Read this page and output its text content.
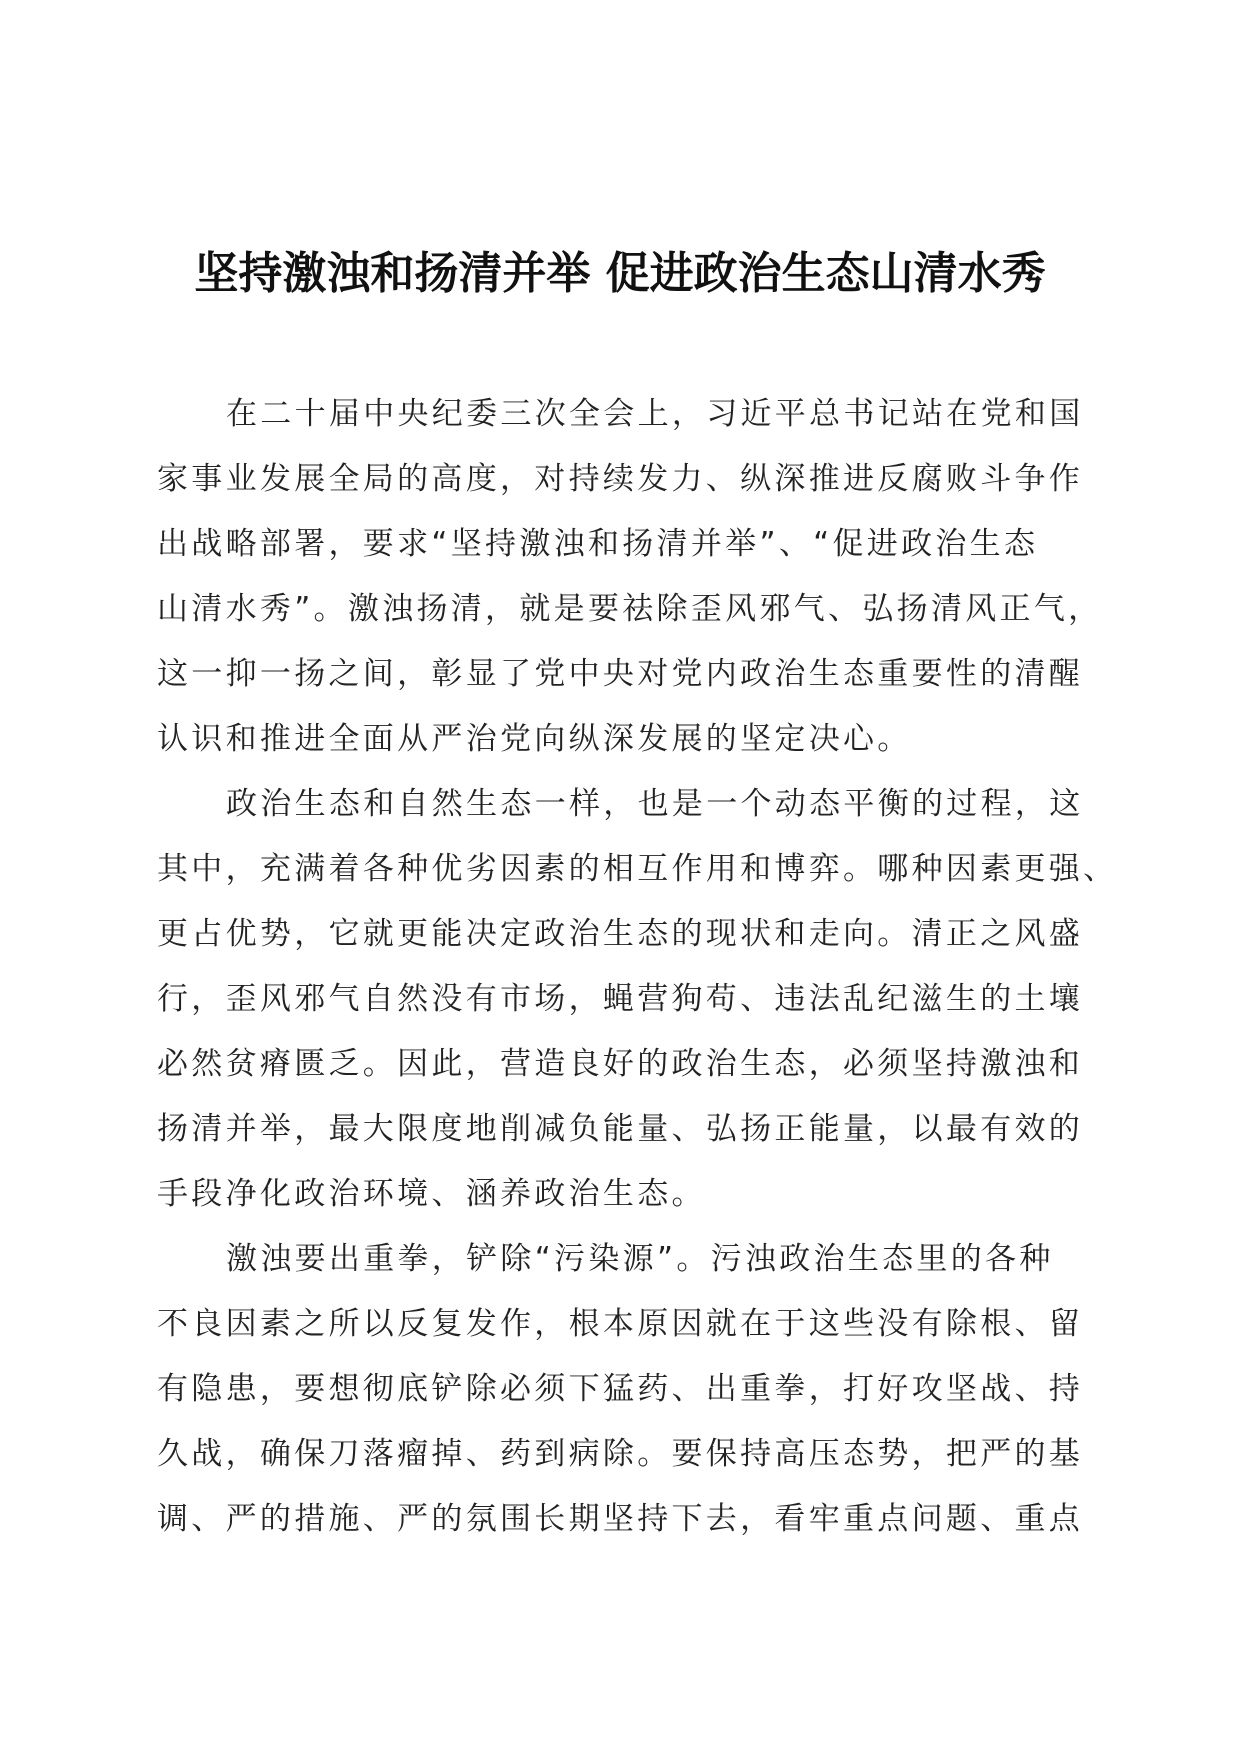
坚持激浊和扬清并举 促进政治生态山清水秀

在二十届中央纪委三次全会上，习近平总书记站在党和国

家事业发展全局的高度，对持续发力、纵深推进反腐败斗争作

出战略部署，要求“坚持激浊和扬清并举”、“促进政治生态

山清水秀”。激浊扬清，就是要祛除歪风邪气、弘扬清风正气，

这一抑一扬之间，彰显了党中央对党内政治生态重要性的清醒

认识和推进全面从严治党向纵深发展的坚定决心。

政治生态和自然生态一样，也是一个动态平衡的过程，这

其中，充满着各种优劣因素的相互作用和博弈。哪种因素更强、

更占优势，它就更能决定政治生态的现状和走向。清正之风盛

行，歪风邪气自然没有市场，蝇营狗苟、违法乱纪滋生的土壤

必然贫瘠匮乏。因此，营造良好的政治生态，必须坚持激浊和

扬清并举，最大限度地削减负能量、弘扬正能量，以最有效的

手段净化政治环境、涵养政治生态。

激浊要出重拳，铲除“污染源”。污浊政治生态里的各种

不良因素之所以反复发作，根本原因就在于这些没有除根、留

有隐患，要想彻底铲除必须下猛药、出重拳，打好攻坚战、持

久战，确保刀落瘤掉、药到病除。要保持高压态势，把严的基

调、严的措施、严的氛围长期坚持下去，看牢重点问题、重点
